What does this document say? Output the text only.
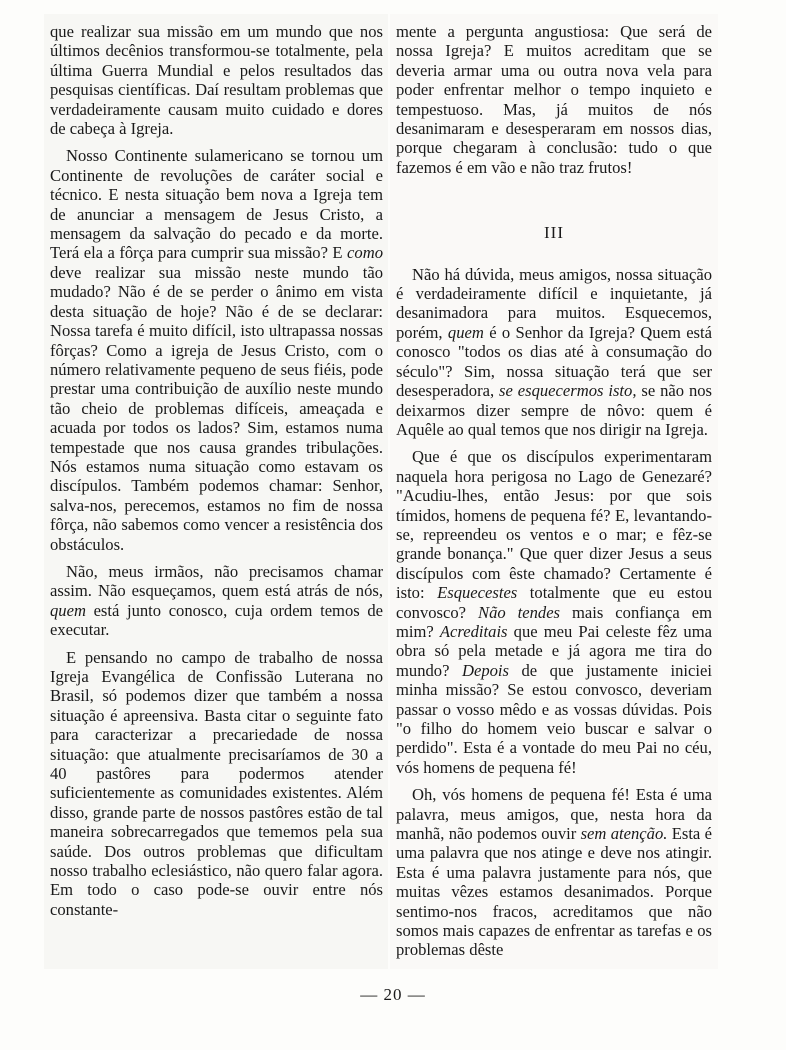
que realizar sua missão em um mundo que nos últimos decênios transformou-se totalmente, pela última Guerra Mundial e pelos resultados das pesquisas científicas. Daí resultam problemas que verdadeiramente causam muito cuidado e dores de cabeça à Igreja.

Nosso Continente sulamericano se tornou um Continente de revoluções de caráter social e técnico. E nesta situação bem nova a Igreja tem de anunciar a mensagem de Jesus Cristo, a mensagem da salvação do pecado e da morte. Terá ela a fôrça para cumprir sua missão? E como deve realizar sua missão neste mundo tão mudado? Não é de se perder o ânimo em vista desta situação de hoje? Não é de se declarar: Nossa tarefa é muito difícil, isto ultrapassa nossas fôrças? Como a igreja de Jesus Cristo, com o número relativamente pequeno de seus fiéis, pode prestar uma contribuição de auxílio neste mundo tão cheio de problemas difíceis, ameaçada e acuada por todos os lados? Sim, estamos numa tempestade que nos causa grandes tribulações. Nós estamos numa situação como estavam os discípulos. Também podemos chamar: Senhor, salva-nos, perecemos, estamos no fim de nossa fôrça, não sabemos como vencer a resistência dos obstáculos.

Não, meus irmãos, não precisamos chamar assim. Não esqueçamos, quem está atrás de nós, quem está junto conosco, cuja ordem temos de executar.

E pensando no campo de trabalho de nossa Igreja Evangélica de Confissão Luterana no Brasil, só podemos dizer que também a nossa situação é apreensiva. Basta citar o seguinte fato para caracterizar a precariedade de nossa situação: que atualmente precisaríamos de 30 a 40 pastôres para podermos atender suficientemente as comunidades existentes. Além disso, grande parte de nossos pastôres estão de tal maneira sobrecarregados que tememos pela sua saúde. Dos outros problemas que dificultam nosso trabalho eclesiástico, não quero falar agora. Em todo o caso pode-se ouvir entre nós constante-

mente a pergunta angustiosa: Que será de nossa Igreja? E muitos acreditam que se deveria armar uma ou outra nova vela para poder enfrentar melhor o tempo inquieto e tempestuoso. Mas, já muitos de nós desanimaram e desesperaram em nossos dias, porque chegaram à conclusão: tudo o que fazemos é em vão e não traz frutos!

III

Não há dúvida, meus amigos, nossa situação é verdadeiramente difícil e inquietante, já desanimadora para muitos. Esquecemos, porém, quem é o Senhor da Igreja? Quem está conosco "todos os dias até à consumação do século"? Sim, nossa situação terá que ser desesperadora, se esquecermos isto, se não nos deixarmos dizer sempre de nôvo: quem é Aquêle ao qual temos que nos dirigir na Igreja.

Que é que os discípulos experimentaram naquela hora perigosa no Lago de Genezaré? "Acudiu-lhes, então Jesus: por que sois tímidos, homens de pequena fé? E, levantando-se, repreendeu os ventos e o mar; e fêz-se grande bonança." Que quer dizer Jesus a seus discípulos com êste chamado? Certamente é isto: Esquecestes totalmente que eu estou convosco? Não tendes mais confiança em mim? Acreditais que meu Pai celeste fêz uma obra só pela metade e já agora me tira do mundo? Depois de que justamente iniciei minha missão? Se estou convosco, deveriam passar o vosso mêdo e as vossas dúvidas. Pois "o filho do homem veio buscar e salvar o perdido". Esta é a vontade do meu Pai no céu, vós homens de pequena fé!

Oh, vós homens de pequena fé! Esta é uma palavra, meus amigos, que, nesta hora da manhã, não podemos ouvir sem atenção. Esta é uma palavra que nos atinge e deve nos atingir. Esta é uma palavra justamente para nós, que muitas vêzes estamos desanimados. Porque sentimo-nos fracos, acreditamos que não somos mais capazes de enfrentar as tarefas e os problemas dêste

— 20 —
